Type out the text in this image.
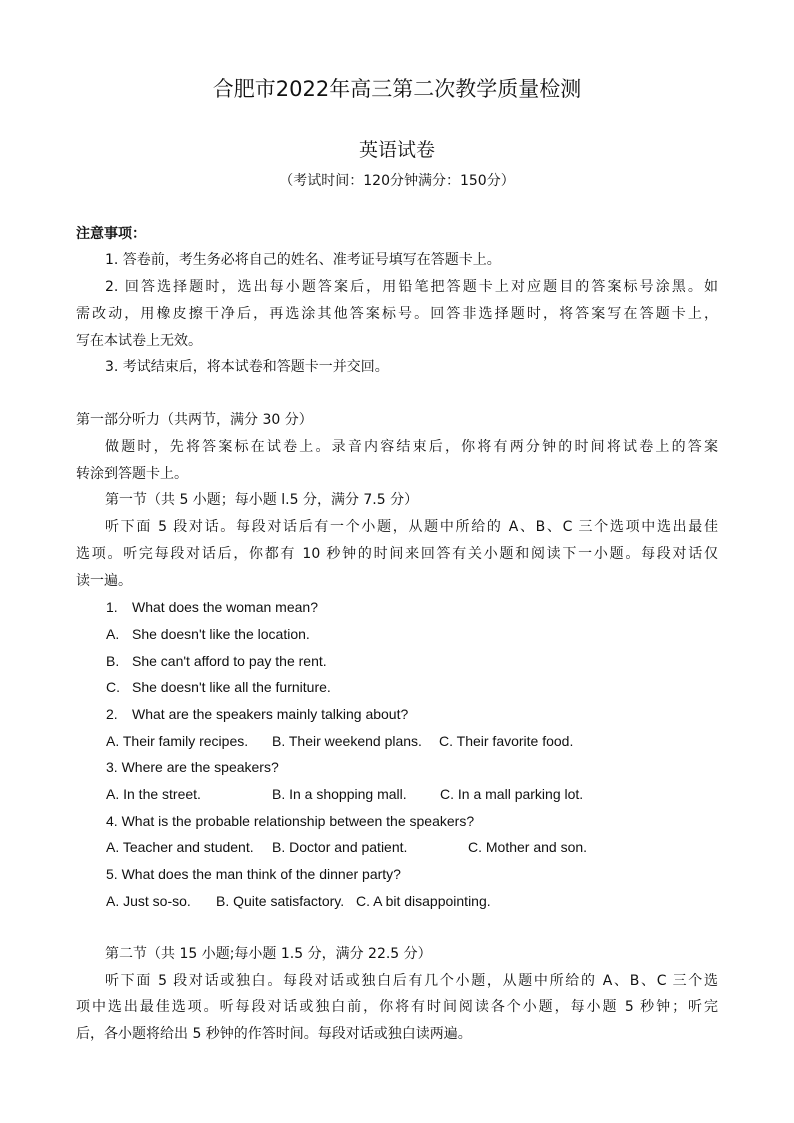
合肥市2022年高三第二次教学质量检测
英语试卷
（考试时间：120分钟满分：150分）
注意事项：
1. 答卷前，考生务必将自己的姓名、准考证号填写在答题卡上。
2. 回答选择题时，选出每小题答案后，用铅笔把答题卡上对应题目的答案标号涂黑。如
需改动，用橡皮擦干净后，再选涂其他答案标号。回答非选择题时，将答案写在答题卡上，
写在本试卷上无效。
3. 考试结束后，将本试卷和答题卡一并交回。
第一部分听力（共两节，满分 30 分）
做题时，先将答案标在试卷上。录音内容结束后，你将有两分钟的时间将试卷上的答案
转涂到答题卡上。
第一节（共 5 小题；每小题 l.5 分，满分 7.5 分）
听下面 5 段对话。每段对话后有一个小题，从题中所给的 A、B、C 三个选项中选出最佳
选项。听完每段对话后，你都有 10 秒钟的时间来回答有关小题和阅读下一小题。每段对话仅
读一遍。
1. What does the woman mean?
A. She doesn't like the location.
B. She can't afford to pay the rent.
C. She doesn't like all the furniture.
2. What are the speakers mainly talking about?
A. Their family recipes. B. Their weekend plans. C. Their favorite food.
3. Where are the speakers?
A. In the street.	B. In a shopping mall. C. In a mall parking lot.
4. What is the probable relationship between the speakers?
A. Teacher and student. B. Doctor and patient.	C. Mother and son.
5. What does the man think of the dinner party?
A. Just so-so. B. Quite satisfactory. C. A bit disappointing.
第二节（共 15 小题;每小题 1.5 分，满分 22.5 分）
听下面 5 段对话或独白。每段对话或独白后有几个小题，从题中所给的 A、B、C 三个选
项中选出最佳选项。听每段对话或独白前，你将有时间阅读各个小题，每小题 5 秒钟；听完
后，各小题将给出 5 秒钟的作答时间。每段对话或独白读两遍。
